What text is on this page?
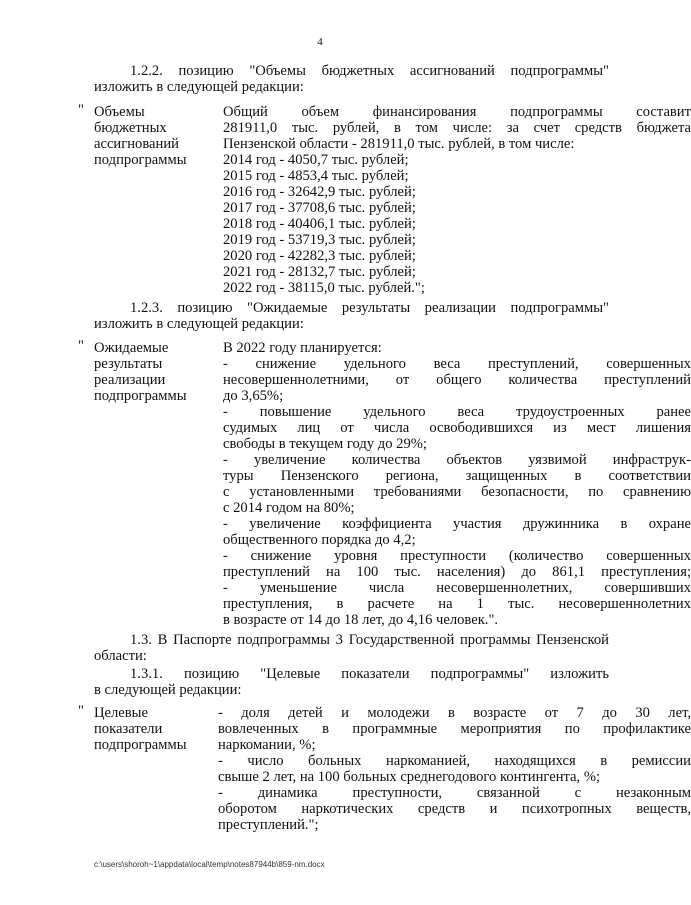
4
1.2.2. позицию "Объемы бюджетных ассигнований подпрограммы"
изложить в следующей редакции:
" Объемы
бюджетных
ассигнований
подпрограммы
Общий объем финансирования подпрограммы составит
281911,0 тыс. рублей, в том числе: за счет средств бюджета
Пензенской области - 281911,0 тыс. рублей, в том числе:
2014 год - 4050,7 тыс. рублей;
2015 год - 4853,4 тыс. рублей;
2016 год - 32642,9 тыс. рублей;
2017 год - 37708,6 тыс. рублей;
2018 год - 40406,1 тыс. рублей;
2019 год - 53719,3 тыс. рублей;
2020 год - 42282,3 тыс. рублей;
2021 год - 28132,7 тыс. рублей;
2022 год - 38115,0 тыс. рублей.";
1.2.3. позицию "Ожидаемые результаты реализации подпрограммы"
изложить в следующей редакции:
" Ожидаемые
результаты
реализации
подпрограммы
В 2022 году планируется:
- снижение удельного веса преступлений, совершенных
несовершеннолетними, от общего количества преступлений
до 3,65%;
- повышение удельного веса трудоустроенных ранее
судимых лиц от числа освободившихся из мест лишения
свободы в текущем году до 29%;
- увеличение количества объектов уязвимой инфраструк-
туры Пензенского региона, защищенных в соответствии
с установленными требованиями безопасности, по сравнению
с 2014 годом на 80%;
- увеличение коэффициента участия дружинника в охране
общественного порядка до 4,2;
- снижение уровня преступности (количество совершенных
преступлений на 100 тыс. населения) до 861,1 преступления;
- уменьшение числа несовершеннолетних, совершивших
преступления, в расчете на 1 тыс. несовершеннолетних
в возрасте от 14 до 18 лет, до 4,16 человек.".
1.3. В Паспорте подпрограммы 3 Государственной программы Пензенской
области:
1.3.1. позицию "Целевые показатели подпрограммы" изложить
в следующей редакции:
" Целевые
показатели
подпрограммы
- доля детей и молодежи в возрасте от 7 до 30 лет,
вовлеченных в программные мероприятия по профилактике
наркомании, %;
- число больных наркоманией, находящихся в ремиссии
свыше 2 лет, на 100 больных среднегодового контингента, %;
- динамика преступности, связанной с незаконным
оборотом наркотических средств и психотропных веществ,
преступлений.";
c:\users\shoroh~1\appdata\local\temp\notes87944b\859-nm.docx
